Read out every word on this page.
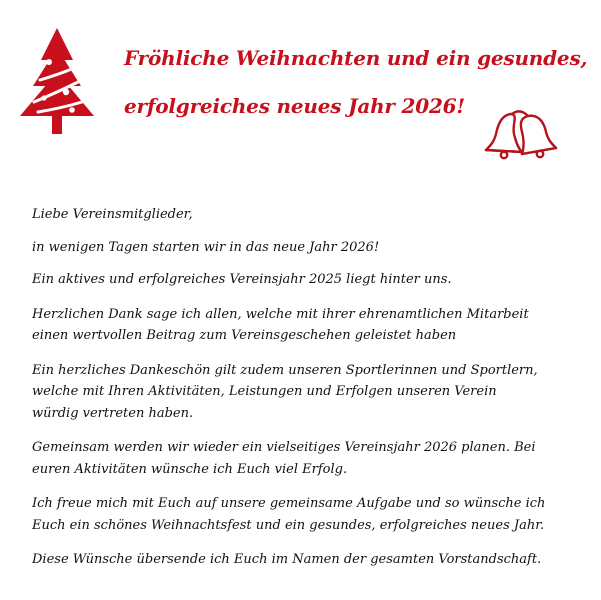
Fröhliche Weihnachten und ein gesundes,
erfolgreiches neues Jahr 2026!

Liebe Vereinsmitglieder,

in wenigen Tagen starten wir in das neue Jahr 2026!

Ein aktives und erfolgreiches Vereinsjahr 2025 liegt hinter uns.

Herzlichen Dank sage ich allen, welche mit ihrer ehrenamtlichen Mitarbeit
einen wertvollen Beitrag zum Vereinsgeschehen geleistet haben

Ein herzliches Dankeschön gilt zudem unseren Sportlerinnen und Sportlern,
welche mit Ihren Aktivitäten, Leistungen und Erfolgen unseren Verein
würdig vertreten haben.

Gemeinsam werden wir wieder ein vielseitiges Vereinsjahr 2026 planen. Bei
euren Aktivitäten wünsche ich Euch viel Erfolg.

Ich freue mich mit Euch auf unsere gemeinsame Aufgabe und so wünsche ich
Euch ein schönes Weihnachtsfest und ein gesundes, erfolgreiches neues Jahr.

Diese Wünsche übersende ich Euch im Namen der gesamten Vorstandschaft.
